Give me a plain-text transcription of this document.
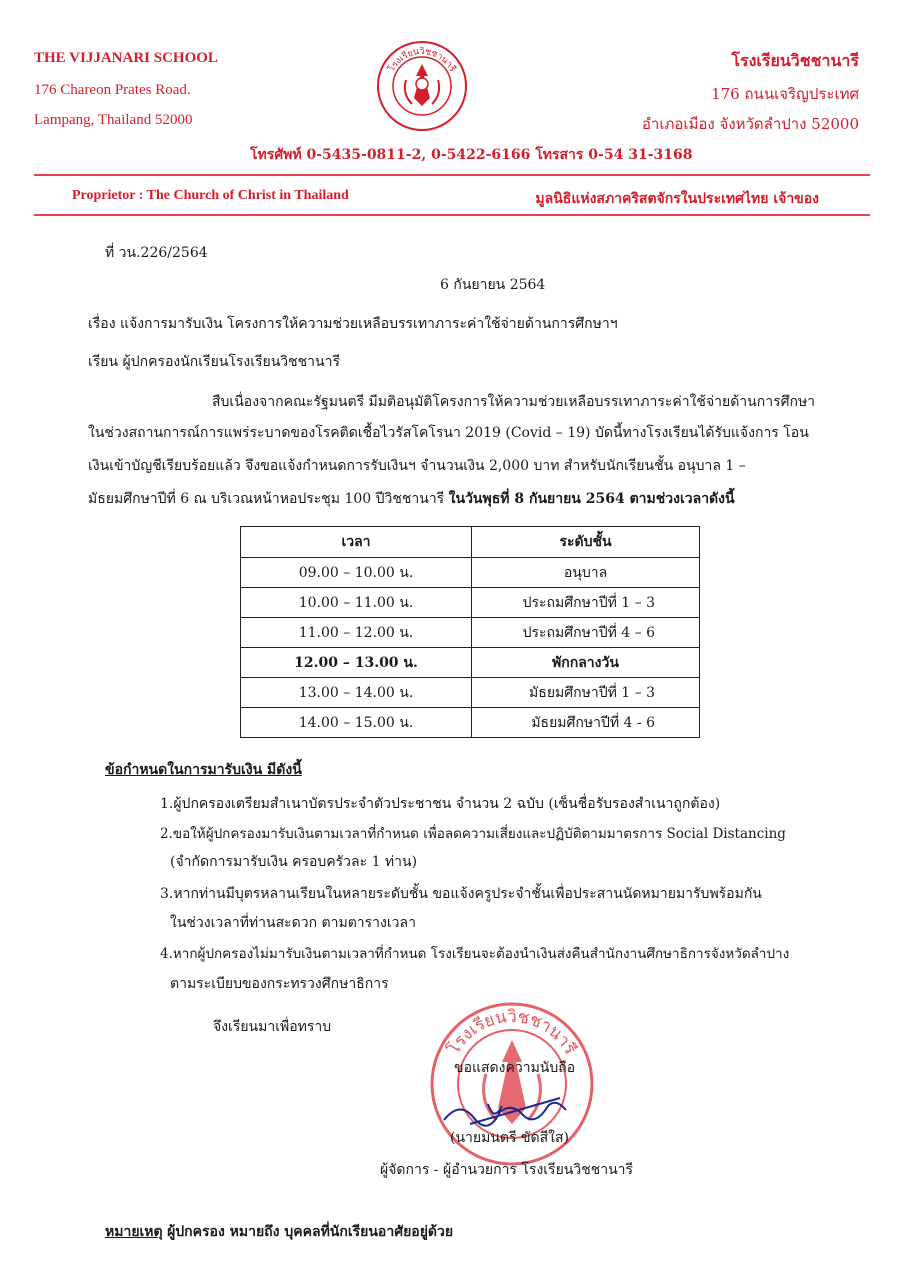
THE VIJJANARI SCHOOL
176 Chareon Prates Road.
Lampang, Thailand 52000
โรงเรียนวิชชานารี
176 ถนนเจริญประเทศ
อำเภอเมือง จังหวัดลำปาง 52000
โรงเรียนวิชชานารี
โทรศัพท์ 0-5435-0811-2, 0-5422-6166 โทรสาร 0-54 31-3168
Proprietor : The Church of Christ in Thailand	มูลนิธิแห่งสภาคริสตจักรในประเทศไทย เจ้าของ
ที่ วน.226/2564
6 กันยายน 2564
เรื่อง แจ้งการมารับเงิน โครงการให้ความช่วยเหลือบรรเทาภาระค่าใช้จ่ายด้านการศึกษาฯ
เรียน ผู้ปกครองนักเรียนโรงเรียนวิชชานารี
สืบเนื่องจากคณะรัฐมนตรี มีมติอนุมัติโครงการให้ความช่วยเหลือบรรเทาภาระค่าใช้จ่ายด้านการศึกษา
ในช่วงสถานการณ์การแพร่ระบาดของโรคติดเชื้อไวรัสโคโรนา 2019 (Covid – 19) บัดนี้ทางโรงเรียนได้รับแจ้งการ โอน
เงินเข้าบัญชีเรียบร้อยแล้ว จึงขอแจ้งกำหนดการรับเงินฯ จำนวนเงิน 2,000 บาท สำหรับนักเรียนชั้น อนุบาล 1 –
มัธยมศึกษาปีที่ 6 ณ บริเวณหน้าหอประชุม 100 ปีวิชชานารี ในวันพุธที่ 8 กันยายน 2564 ตามช่วงเวลาดังนี้
เวลา	ระดับชั้น
09.00 – 10.00 น.	อนุบาล
10.00 – 11.00 น.	ประถมศึกษาปีที่ 1 – 3
11.00 – 12.00 น.	ประถมศึกษาปีที่ 4 – 6
12.00 – 13.00 น.	พักกลางวัน
13.00 – 14.00 น.	มัธยมศึกษาปีที่ 1 – 3
14.00 – 15.00 น.	มัธยมศึกษาปีที่ 4 - 6
ข้อกำหนดในการมารับเงิน มีดังนี้
1.ผู้ปกครองเตรียมสำเนาบัตรประจำตัวประชาชน จำนวน 2 ฉบับ (เซ็นชื่อรับรองสำเนาถูกต้อง)
2.ขอให้ผู้ปกครองมารับเงินตามเวลาที่กำหนด เพื่อลดความเสี่ยงและปฏิบัติตามมาตรการ Social Distancing
(จำกัดการมารับเงิน ครอบครัวละ 1 ท่าน)
3.หากท่านมีบุตรหลานเรียนในหลายระดับชั้น ขอแจ้งครูประจำชั้นเพื่อประสานนัดหมายมารับพร้อมกัน
ในช่วงเวลาที่ท่านสะดวก ตามตารางเวลา
4.หากผู้ปกครองไม่มารับเงินตามเวลาที่กำหนด โรงเรียนจะต้องนำเงินส่งคืนสำนักงานศึกษาธิการจังหวัดลำปาง
ตามระเบียบของกระทรวงศึกษาธิการ
จึงเรียนมาเพื่อทราบ
โรงเรียนวิชชานารี
ขอแสดงความนับถือ
(นายมนตรี ขัดสีใส)
ผู้จัดการ - ผู้อำนวยการ โรงเรียนวิชชานารี
หมายเหตุ ผู้ปกครอง หมายถึง บุคคลที่นักเรียนอาศัยอยู่ด้วย
